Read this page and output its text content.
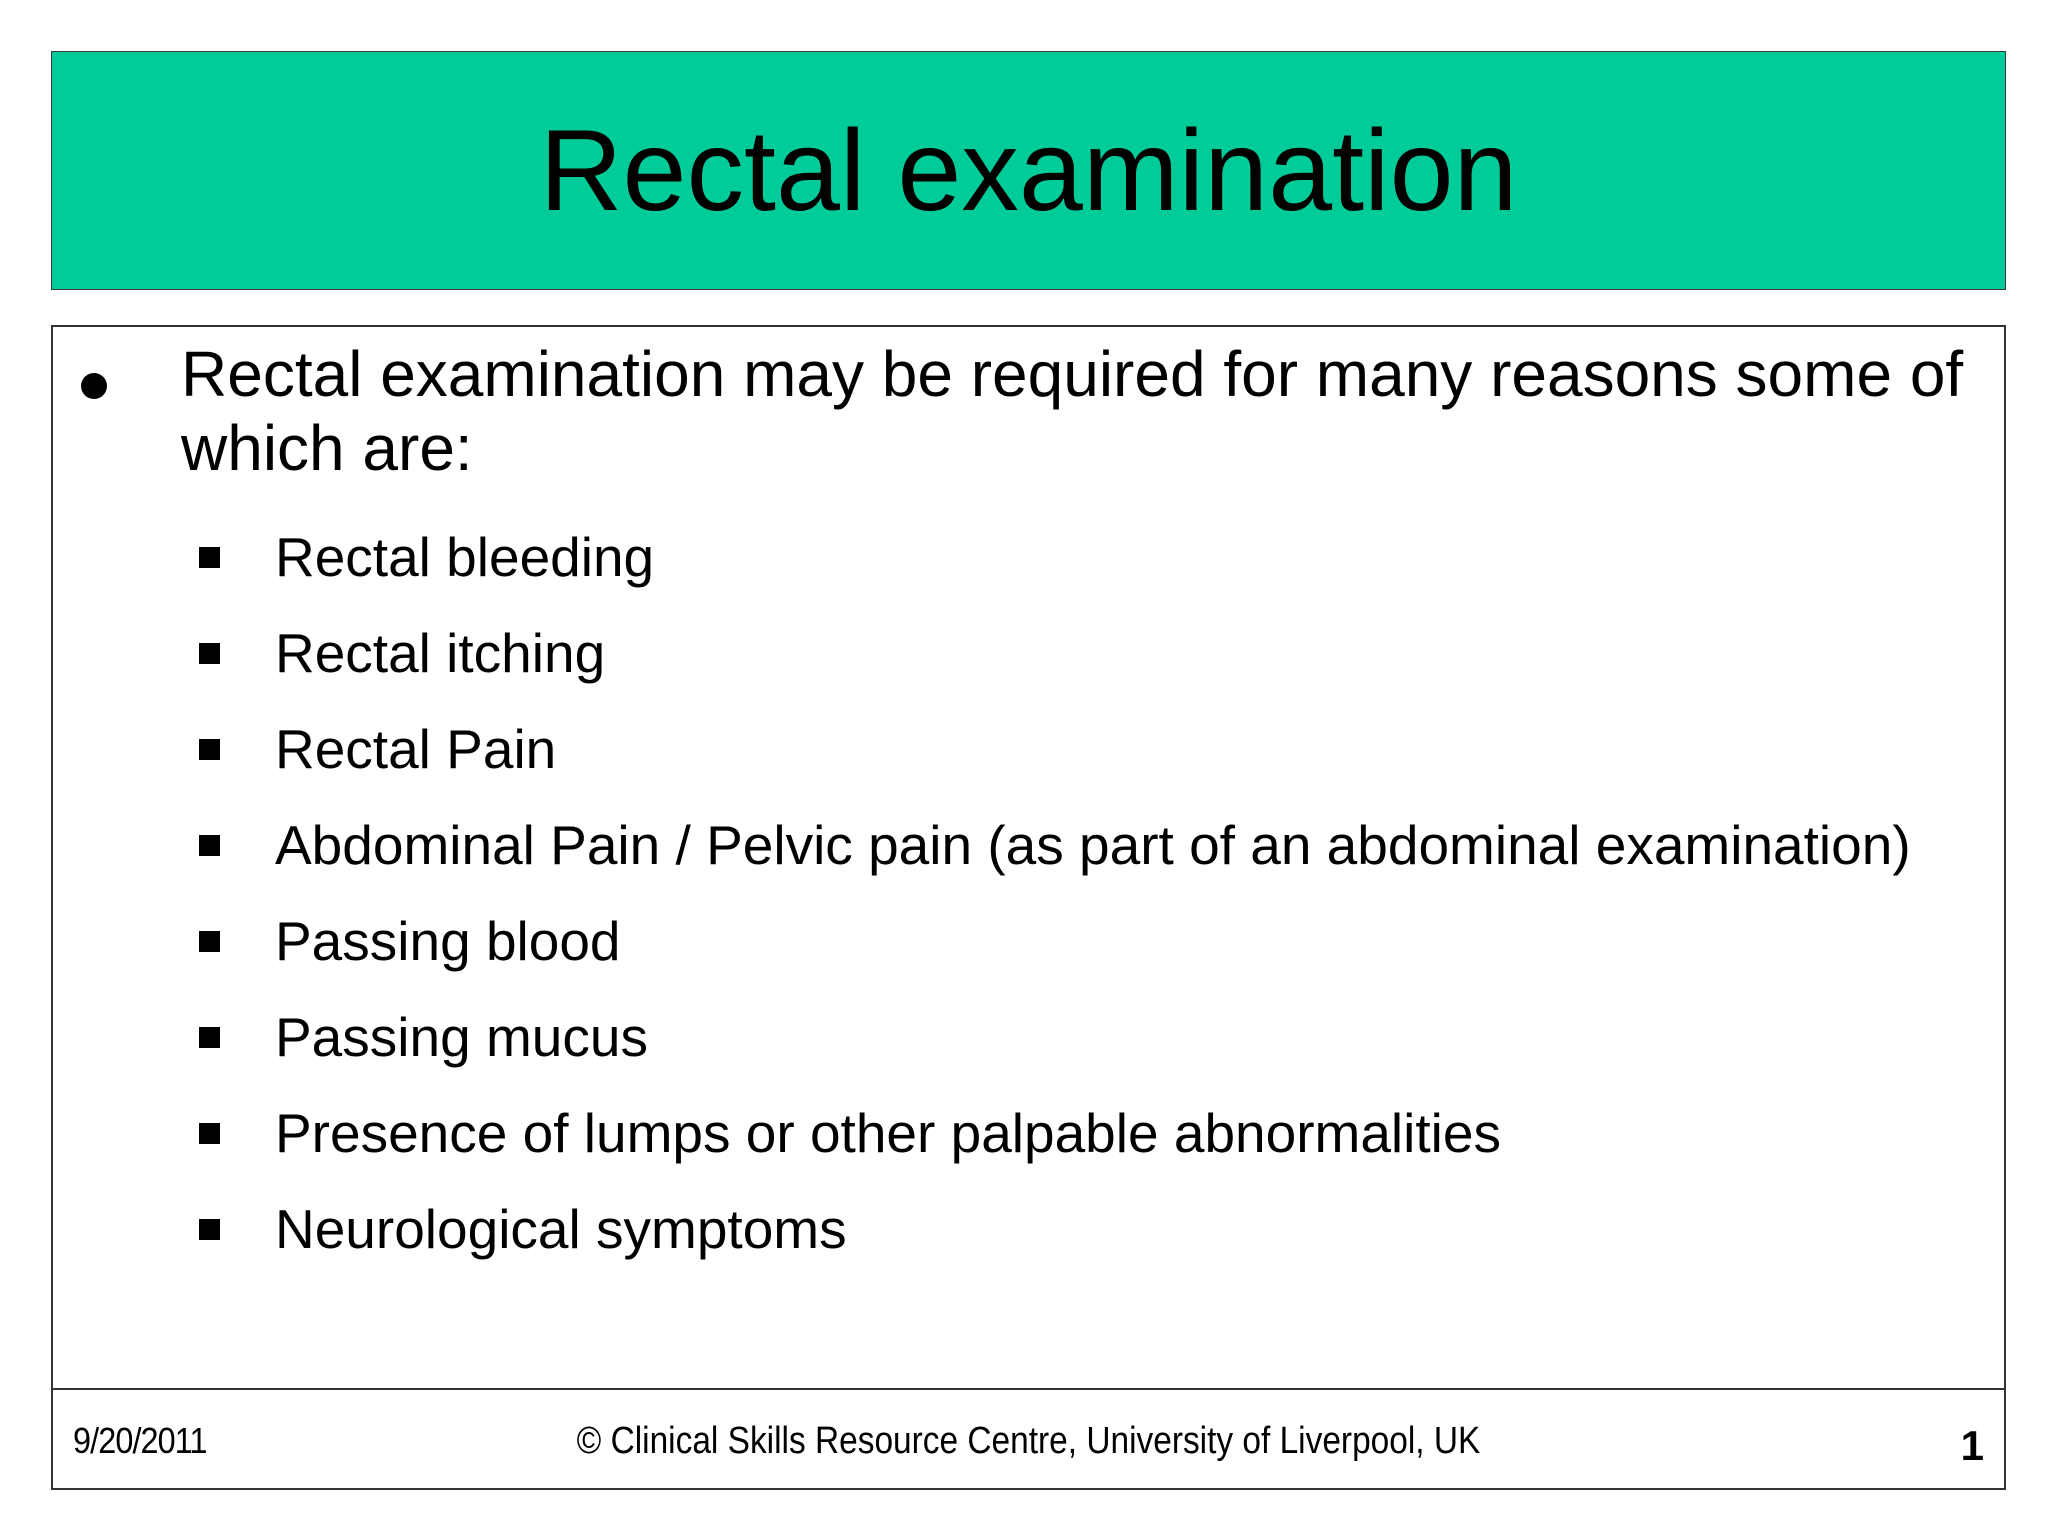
Rectal examination
Rectal examination may be required for many reasons some of which are:
Rectal bleeding
Rectal itching
Rectal Pain
Abdominal Pain / Pelvic pain (as part of an abdominal examination)
Passing blood
Passing mucus
Presence of lumps or other palpable abnormalities
Neurological symptoms
9/20/2011	© Clinical Skills Resource Centre, University of Liverpool, UK	1
